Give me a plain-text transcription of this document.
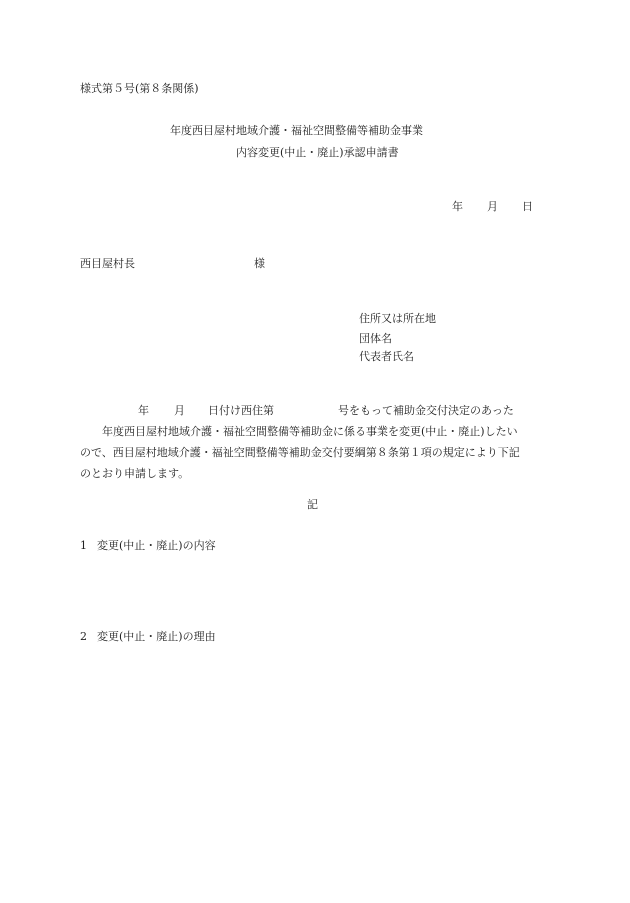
様式第５号(第８条関係)
年度西目屋村地域介護・福祉空間整備等補助金事業
内容変更(中止・廃止)承認申請書
年 月 日
西目屋村長	様
住所又は所在地
団体名
代表者氏名
年 月 日付け西住第	号をもって補助金交付決定のあった
年度西目屋村地域介護・福祉空間整備等補助金に係る事業を変更(中止・廃止)したい
ので、西目屋村地域介護・福祉空間整備等補助金交付要綱第８条第１項の規定により下記
のとおり申請します。
記
1 変更(中止・廃止)の内容
2 変更(中止・廃止)の理由
